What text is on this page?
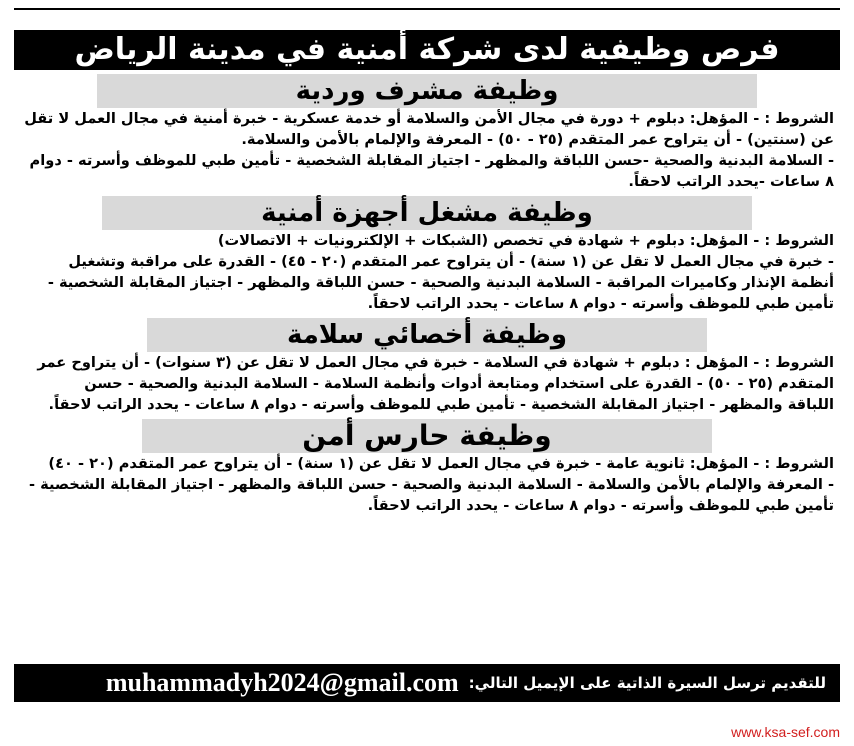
فرص وظيفية لدى شركة أمنية في مدينة الرياض
وظيفة مشرف وردية

الشروط : - المؤهل: دبلوم + دورة في مجال الأمن والسلامة أو خدمة عسكرية - خبرة أمنية في مجال العمل لا تقل

عن (سنتين) - أن يتراوح عمر المتقدم (٢٥ - ٥٠) - المعرفة والإلمام بالأمن والسلامة.

- السلامة البدنية والصحية -حسن اللباقة والمظهر - اجتياز المقابلة الشخصية - تأمين طبي للموظف وأسرته - دوام

٨ ساعات -يحدد الراتب لاحقاً.

وظيفة مشغل أجهزة أمنية

الشروط : - المؤهل: دبلوم + شهادة في تخصص (الشبكات + الإلكترونيات + الاتصالات)

- خبرة في مجال العمل لا تقل عن (١ سنة) - أن يتراوح عمر المتقدم (٢٠ - ٤٥) - القدرة على مراقبة وتشغيل

أنظمة الإنذار وكاميرات المراقبة - السلامة البدنية والصحية - حسن اللباقة والمظهر - اجتياز المقابلة الشخصية -

تأمين طبي للموظف وأسرته - دوام ٨ ساعات - يحدد الراتب لاحقاً.

وظيفة أخصائي سلامة

الشروط : - المؤهل : دبلوم + شهادة في السلامة - خبرة في مجال العمل لا تقل عن (٣ سنوات) - أن يتراوح عمر

المتقدم (٢٥ - ٥٠) - القدرة على استخدام ومتابعة أدوات وأنظمة السلامة - السلامة البدنية والصحية - حسن

اللباقة والمظهر - اجتياز المقابلة الشخصية - تأمين طبي للموظف وأسرته - دوام ٨ ساعات - يحدد الراتب لاحقاً.

وظيفة حارس أمن

الشروط : - المؤهل: ثانوية عامة - خبرة في مجال العمل لا تقل عن (١ سنة) - أن يتراوح عمر المتقدم (٢٠ - ٤٠)

- المعرفة والإلمام بالأمن والسلامة - السلامة البدنية والصحية - حسن اللباقة والمظهر - اجتياز المقابلة الشخصية -

تأمين طبي للموظف وأسرته - دوام ٨ ساعات - يحدد الراتب لاحقاً.

للتقديم ترسل السيرة الذاتية على الإيميل التالي:
muhammadyh2024@gmail.com
www.ksa-sef.com
